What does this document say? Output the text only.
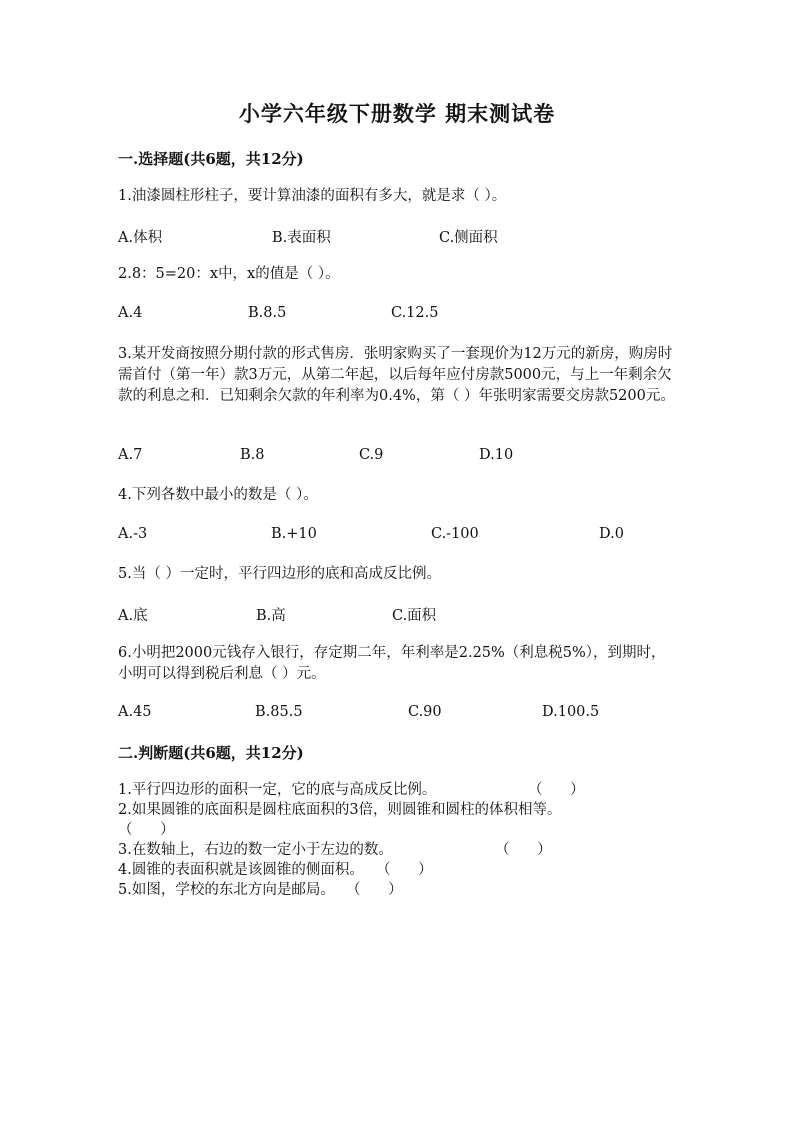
小学六年级下册数学 期末测试卷
一.选择题(共6题，共12分)
1.油漆圆柱形柱子，要计算油漆的面积有多大，就是求（ ）。
A.体积	B.表面积	C.侧面积
2.8：5=20：x中，x的值是（ ）。
A.4	B.8.5	C.12.5
3.某开发商按照分期付款的形式售房．张明家购买了一套现价为12万元的新房，购房时需首付（第一年）款3万元，从第二年起，以后每年应付房款5000元，与上一年剩余欠款的利息之和．已知剩余欠款的年利率为0.4%，第（ ）年张明家需要交房款5200元。
A.7	B.8	C.9	D.10
4.下列各数中最小的数是（ ）。
A.-3	B.+10	C.-100	D.0
5.当（ ）一定时，平行四边形的底和高成反比例。
A.底	B.高	C.面积
6.小明把2000元钱存入银行，存定期二年，年利率是2.25%（利息税5%），到期时，小明可以得到税后利息（ ）元。
A.45	B.85.5	C.90	D.100.5
二.判断题(共6题，共12分)
1.平行四边形的面积一定，它的底与高成反比例。	（      ）
2.如果圆锥的底面积是圆柱底面积的3倍，则圆锥和圆柱的体积相等。
（      ）
3.在数轴上，右边的数一定小于左边的数。	（      ）
4.圆锥的表面积就是该圆锥的侧面积。 （      ）
5.如图，学校的东北方向是邮局。 （      ）
